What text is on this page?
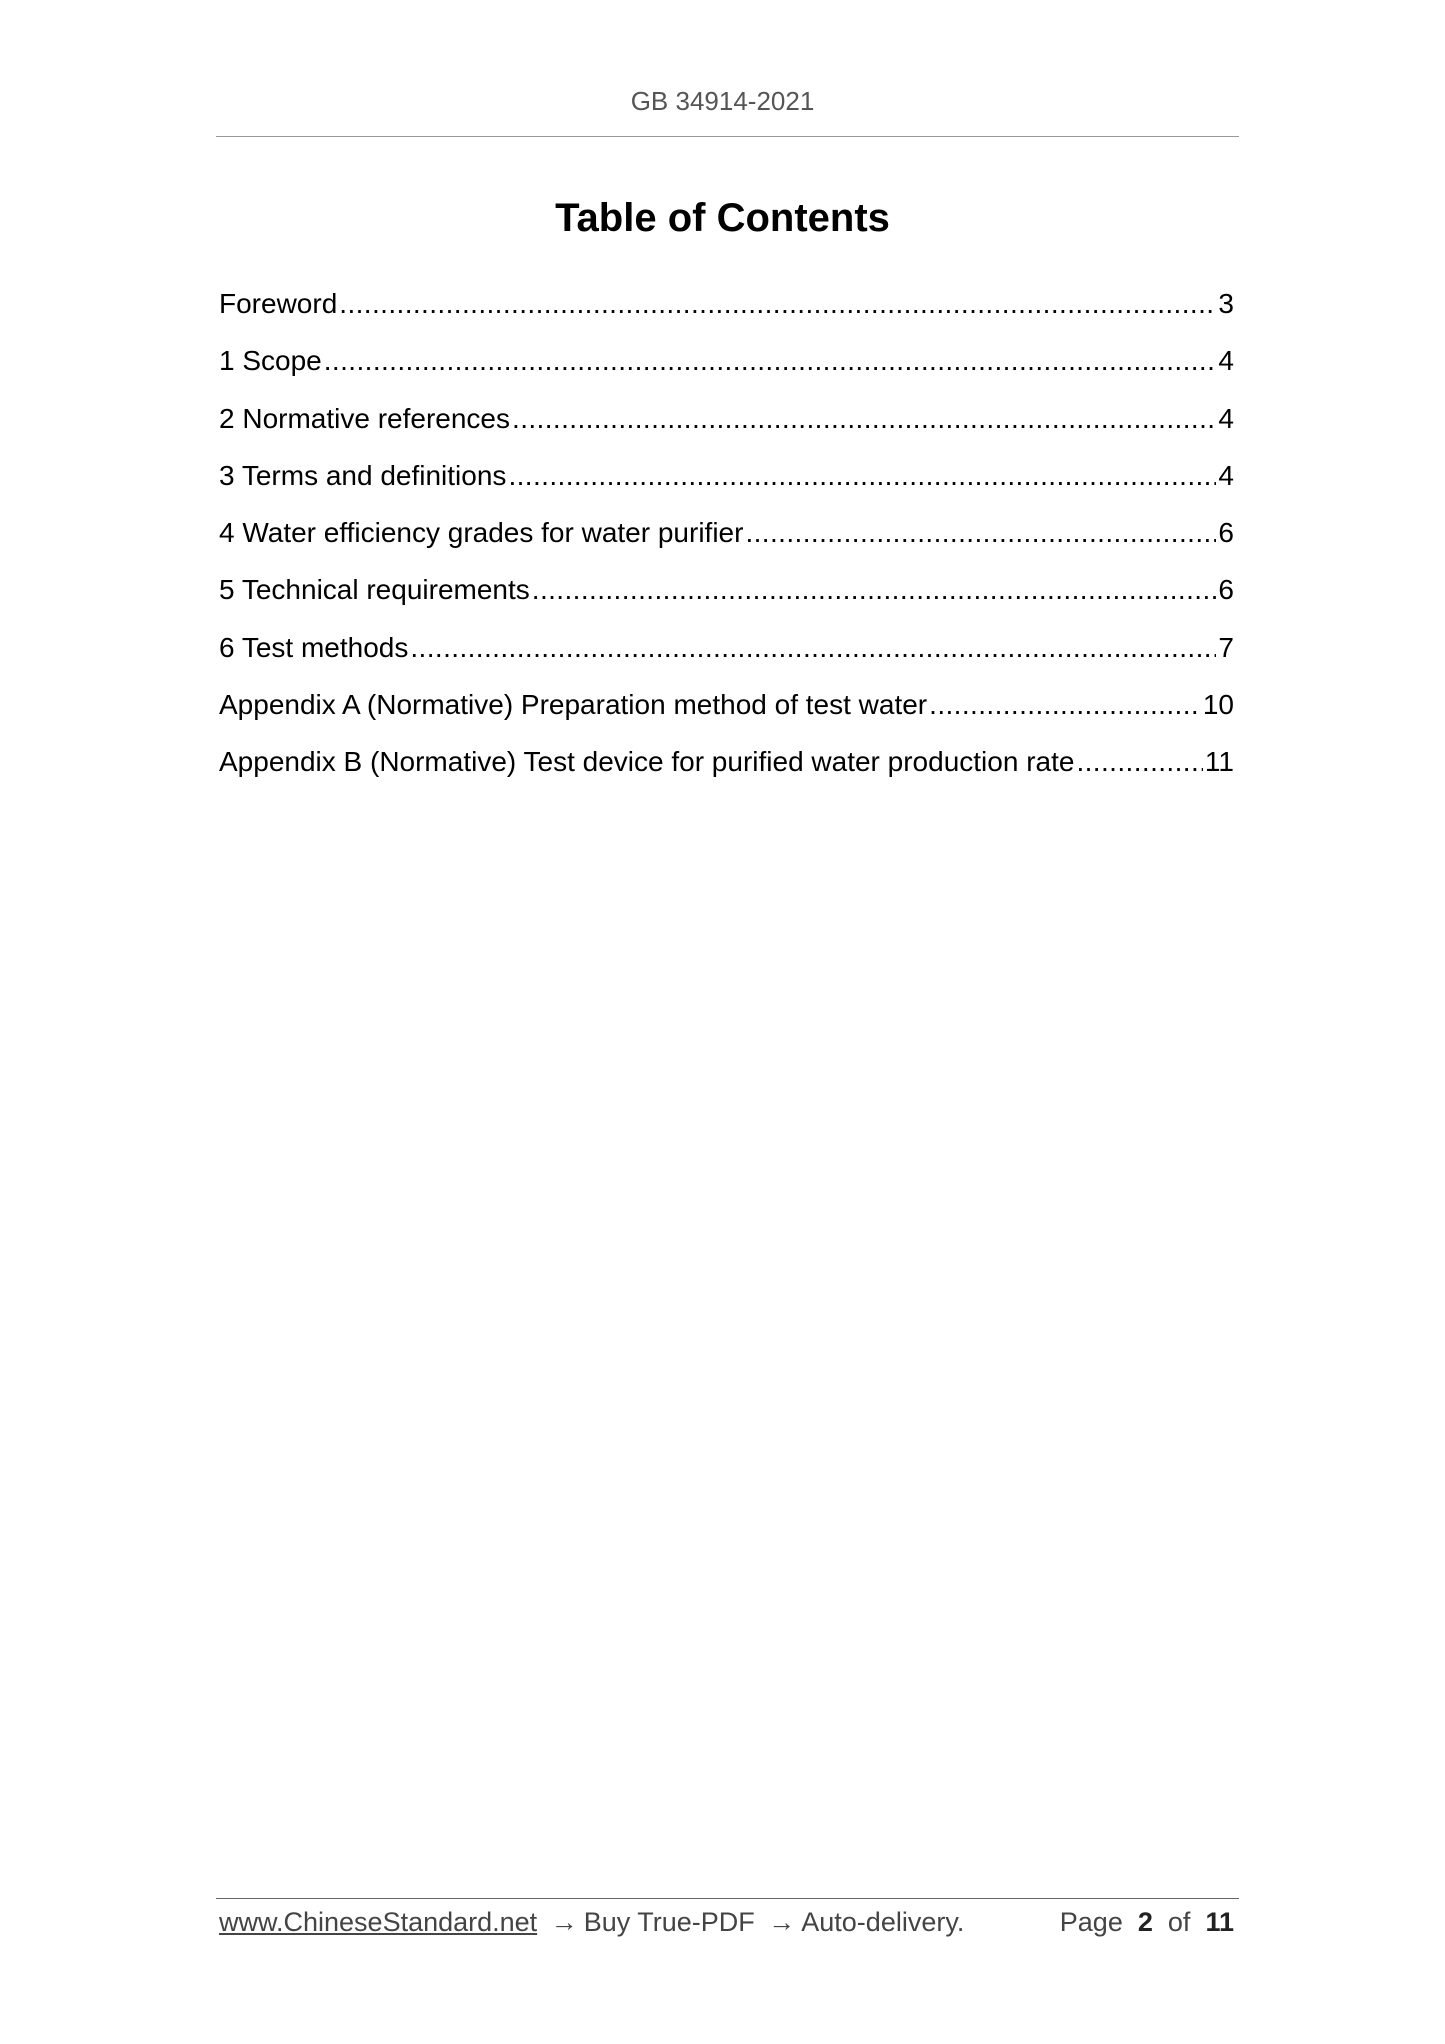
GB 34914-2021
Table of Contents
Foreword .....	3
1 Scope .....	4
2 Normative references .....	4
3 Terms and definitions .....	4
4 Water efficiency grades for water purifier .....	6
5 Technical requirements .....	6
6 Test methods .....	7
Appendix A (Normative) Preparation method of test water .....	10
Appendix B (Normative) Test device for purified water production rate .....	11
www.ChineseStandard.net → Buy True-PDF → Auto-delivery.	Page 2 of 11
